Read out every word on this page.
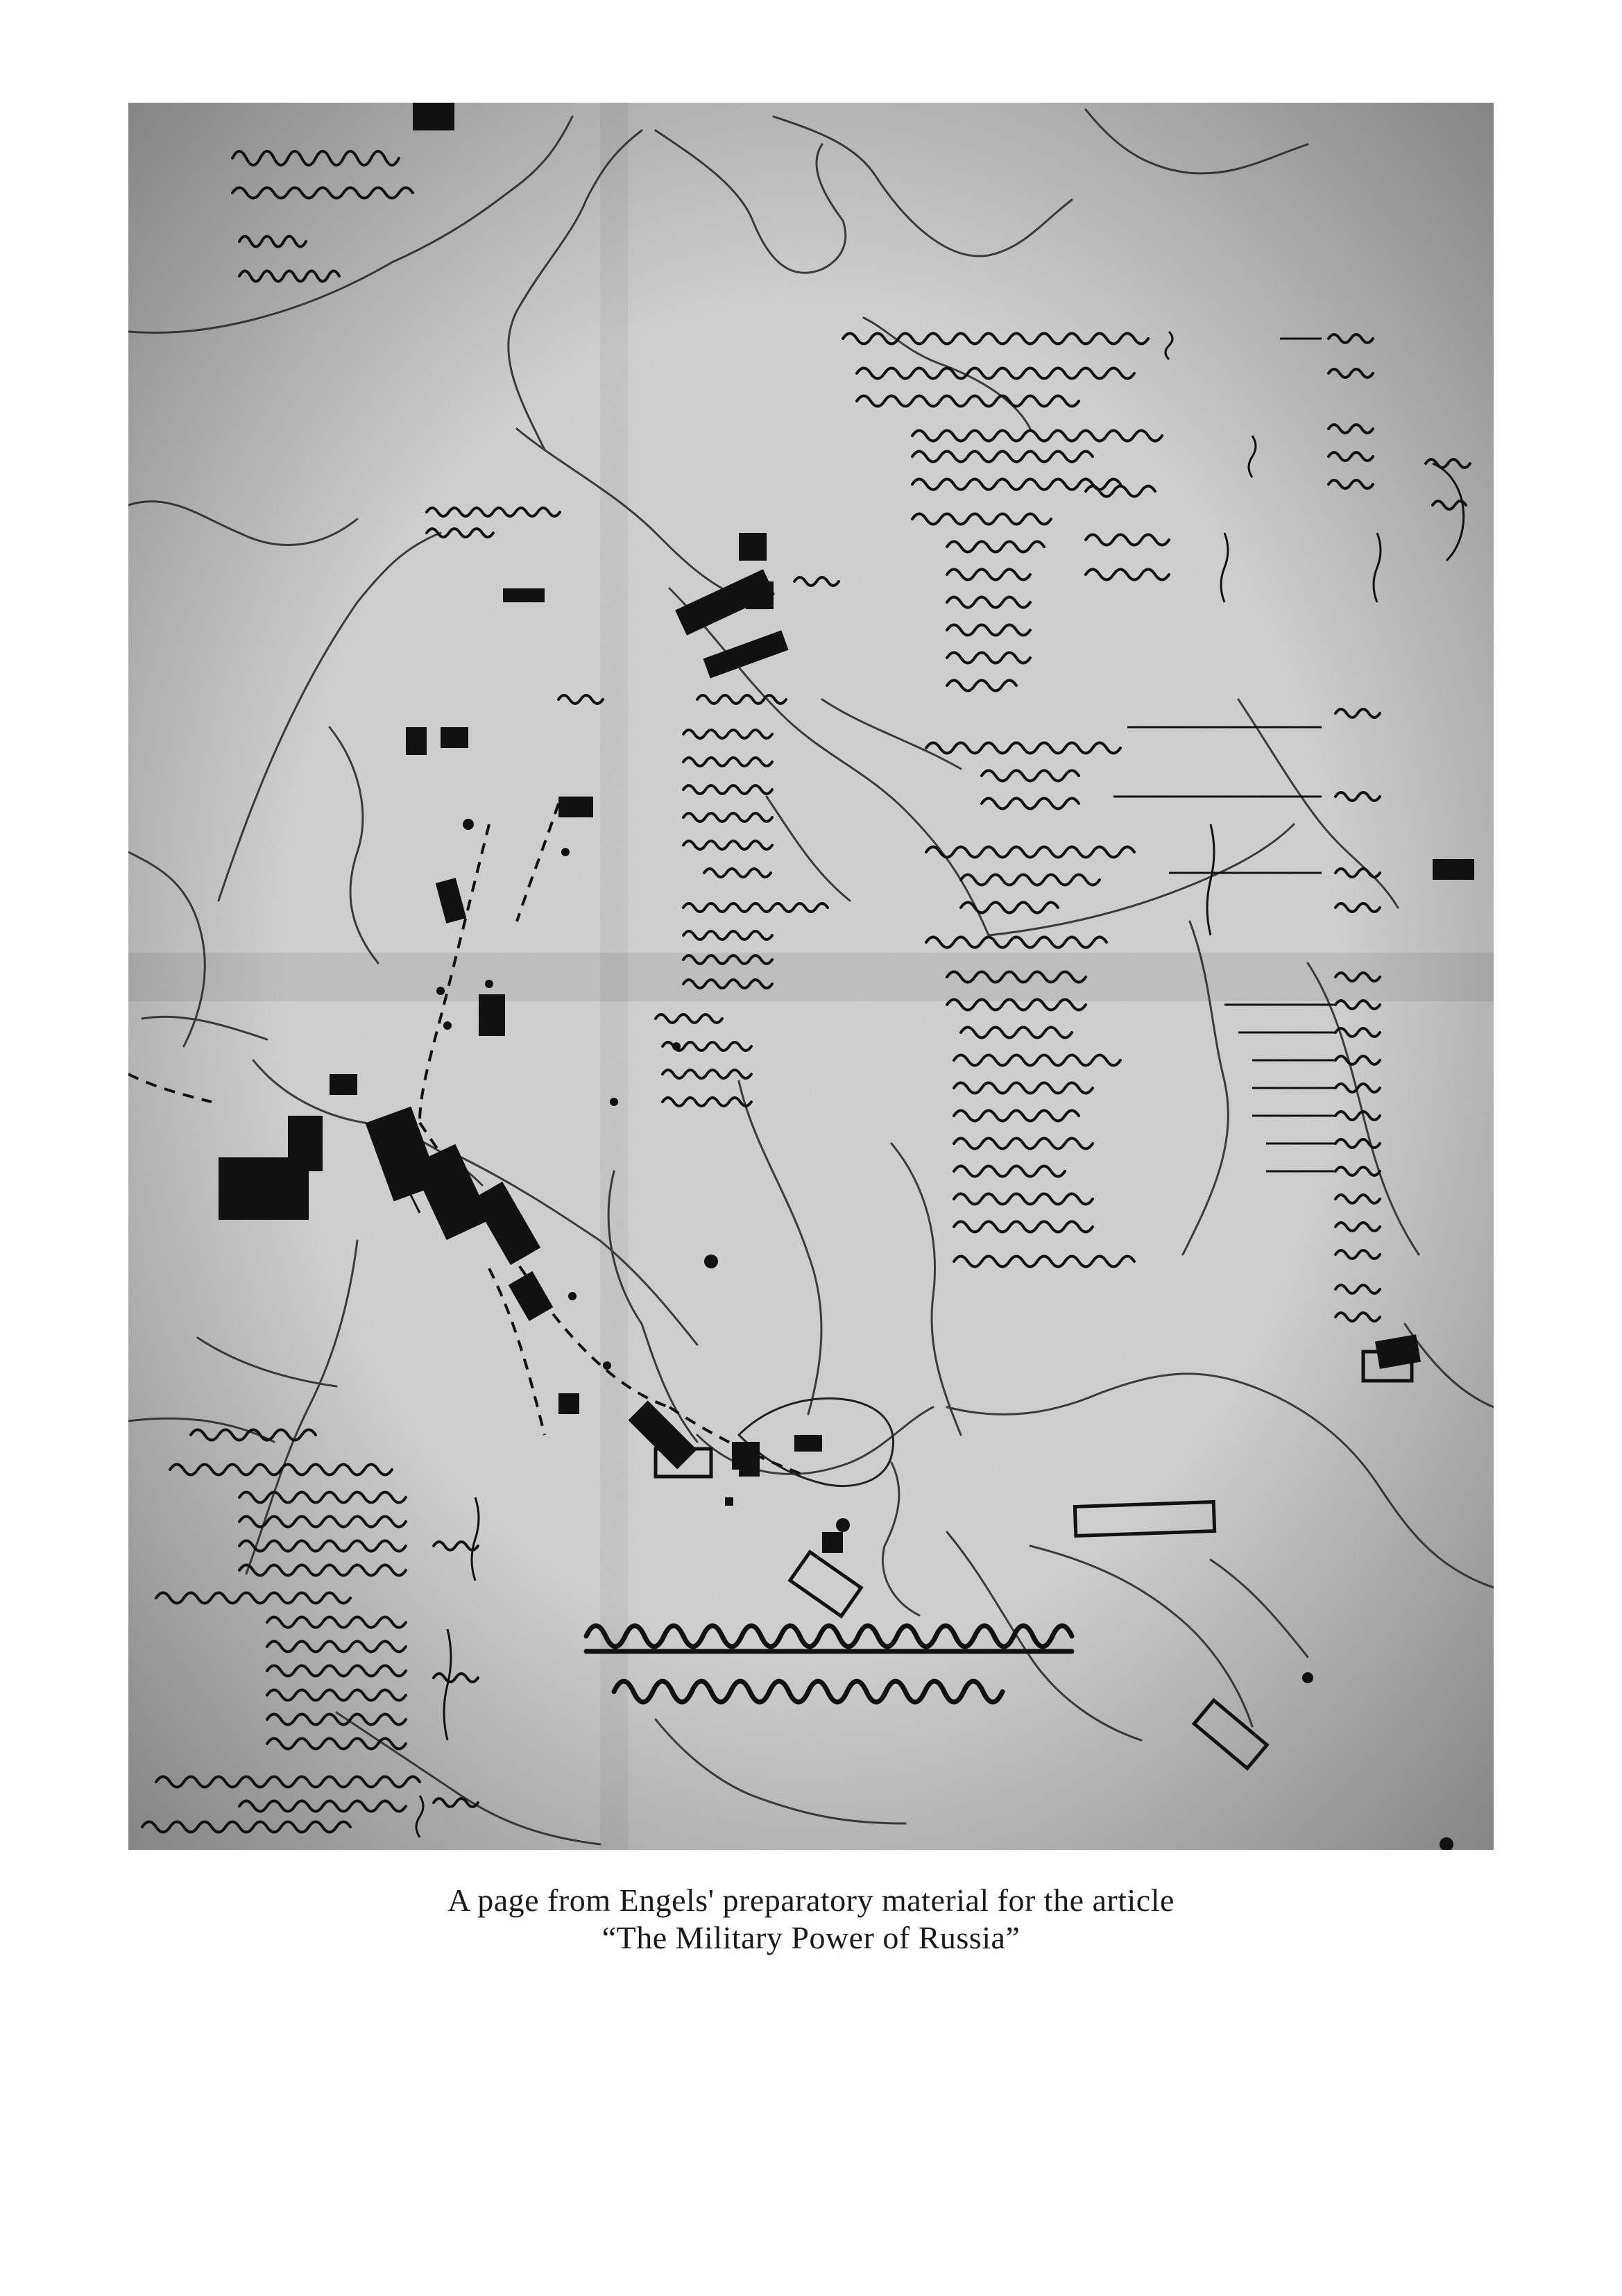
A page from Engels' preparatory material for the article
“The Military Power of Russia”
